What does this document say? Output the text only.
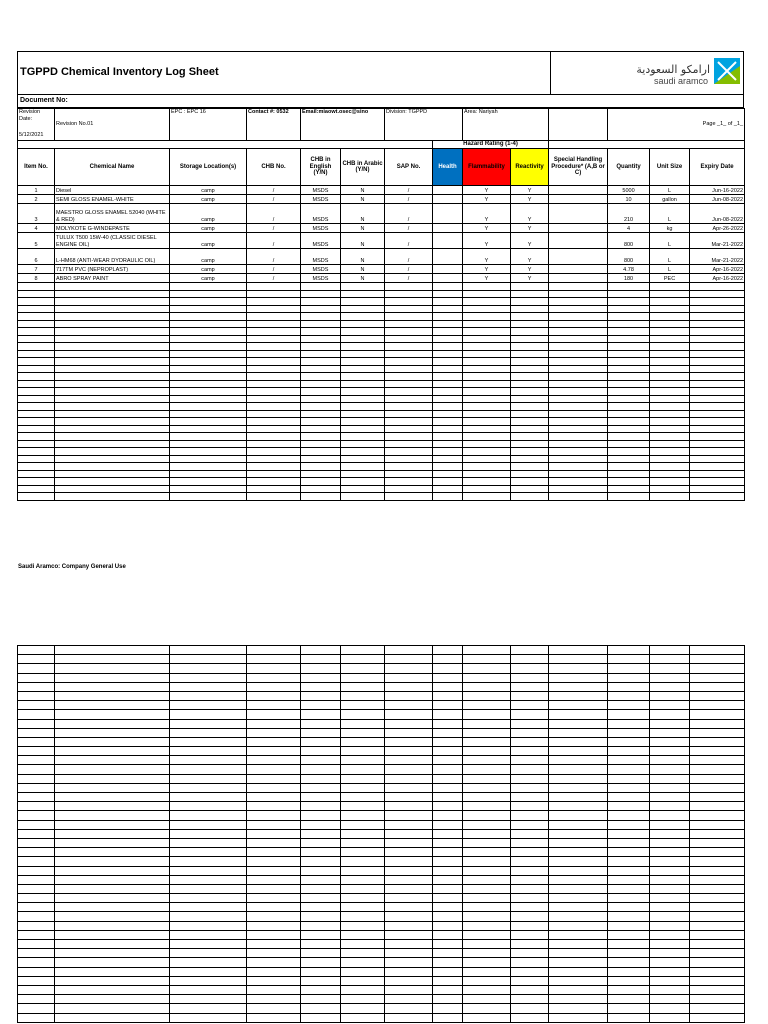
TGPPD Chemical Inventory Log Sheet	ارامكو السعودية
saudi aramco
Document No:
Revision Date:
5/12/2021	Revision No.01	EPC : EPC 16	Contact #: 0532	Email:miaowt.osec@sino		Division: TGPPD		Area: Nariyah			Page _1_ of _1_		
							Hazard Rating (1-4)						
Item No.	Chemical Name	Storage Location(s)	CHB No.	CHB in English (Y/N)	CHB in Arabic (Y/N)	SAP No.	Health	Flammability	Reactivity	Special Handling Procedure* (A,B or C)	Quantity	Unit Size	Expiry Date
1	Diesel	camp	/	MSDS	N	/		Y	Y		5000	L	Jun-16-2022
2	SEMI GLOSS ENAMEL-WHITE	camp	/	MSDS	N	/		Y	Y		10	gallon	Jun-08-2022
3	MAESTRO GLOSS ENAMEL 52040 (WHITE & RED)	camp	/	MSDS	N	/		Y	Y		210	L	Jun-08-2022
4	MOLYKOTE G-WINDEPASTE	camp	/	MSDS	N	/		Y	Y		4	kg	Apr-26-2022
5	TULUX T500 15W-40 (CLASSIC DIESEL ENGINE OIL)	camp	/	MSDS	N	/		Y	Y		800	L	Mar-21-2022
6	L-HM68 (ANTI-WEAR DYDRAULIC OIL)	camp	/	MSDS	N	/		Y	Y		800	L	Mar-21-2022
7	717TM PVC (NEPROPLAST)	camp	/	MSDS	N	/		Y	Y		4.78	L	Apr-16-2022
8	ABRO SPRAY PAINT	camp	/	MSDS	N	/		Y	Y		180	PEC	Apr-16-2022

Saudi Aramco: Company General Use
